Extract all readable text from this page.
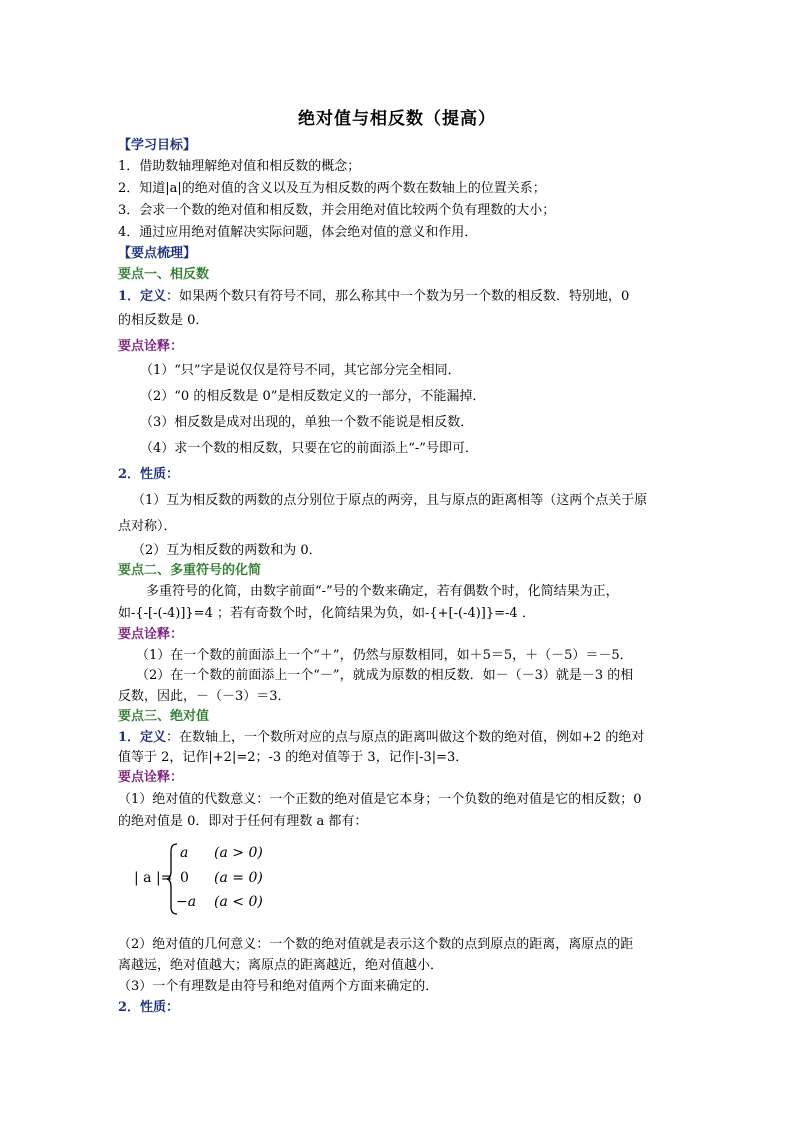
绝对值与相反数（提高）
【学习目标】
1．借助数轴理解绝对值和相反数的概念；
2．知道|a|的绝对值的含义以及互为相反数的两个数在数轴上的位置关系；
3．会求一个数的绝对值和相反数，并会用绝对值比较两个负有理数的大小；
4．通过应用绝对值解决实际问题，体会绝对值的意义和作用．
【要点梳理】
要点一、相反数
1．定义：如果两个数只有符号不同，那么称其中一个数为另一个数的相反数．特别地，0
的相反数是 0．
要点诠释：
（1）“只”字是说仅仅是符号不同，其它部分完全相同．
（2）“0 的相反数是 0”是相反数定义的一部分，不能漏掉．
（3）相反数是成对出现的，单独一个数不能说是相反数．
（4）求一个数的相反数，只要在它的前面添上“-”号即可．
2．性质：
（1）互为相反数的两数的点分别位于原点的两旁，且与原点的距离相等（这两个点关于原
点对称）．
（2）互为相反数的两数和为 0．
要点二、多重符号的化简
多重符号的化简，由数字前面“-”号的个数来确定，若有偶数个时，化简结果为正，
如-{-[-(-4)]}=4 ；若有奇数个时，化简结果为负，如-{+[-(-4)]}=-4 ．
要点诠释：
（1）在一个数的前面添上一个“＋”，仍然与原数相同，如＋5＝5，＋（－5）＝－5．
（2）在一个数的前面添上一个“－”，就成为原数的相反数．如－（－3）就是－3 的相
反数，因此，－（－3）＝3．
要点三、绝对值
1．定义：在数轴上，一个数所对应的点与原点的距离叫做这个数的绝对值，例如+2 的绝对
值等于 2，记作|+2|=2；-3 的绝对值等于 3，记作|-3|=3．
要点诠释：
（1）绝对值的代数意义：一个正数的绝对值是它本身；一个负数的绝对值是它的相反数；0
的绝对值是 0．即对于任何有理数 a 都有：
| a |=
a (a > 0)
0 (a = 0)
−a (a < 0)
（2）绝对值的几何意义：一个数的绝对值就是表示这个数的点到原点的距离，离原点的距
离越远，绝对值越大；离原点的距离越近，绝对值越小．
（3）一个有理数是由符号和绝对值两个方面来确定的．
2．性质：
